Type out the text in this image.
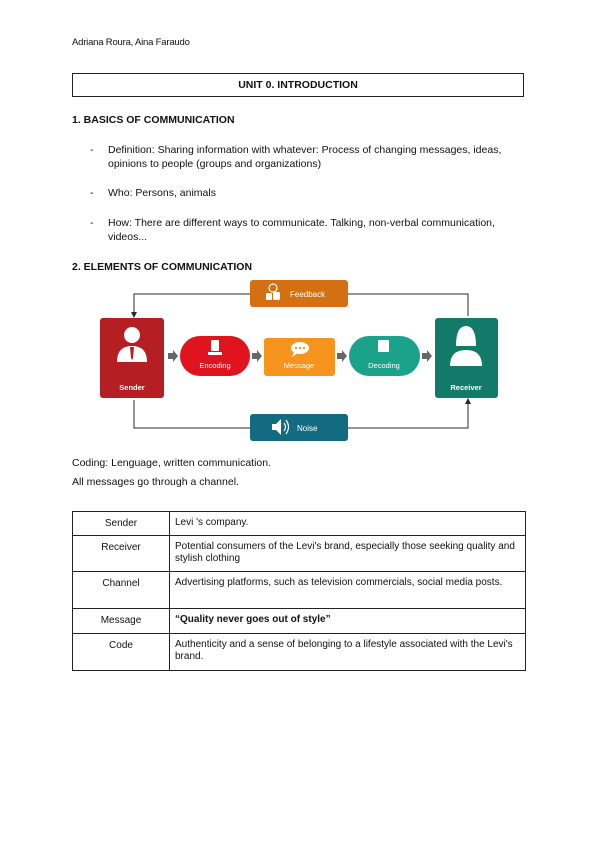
Adriana Roura, Aina Faraudo
UNIT 0. INTRODUCTION
1. BASICS OF COMMUNICATION
-	Definition: Sharing information with whatever: Process of changing messages, ideas, opinions to people (groups and organizations)
-	Who: Persons, animals
-	How: There are different ways to communicate. Talking, non-verbal communication, videos...
2. ELEMENTS OF COMMUNICATION
Feedback
Sender
Encoding	Message	Decoding
Receiver
Noise
Coding: Lenguage, written communication.
All messages go through a channel.
Sender	Levi 's company.
Receiver	Potential consumers of the Levi's brand, especially those seeking quality and stylish clothing
Channel	Advertising platforms, such as television commercials, social media posts.
Message	“Quality never goes out of style”
Code	Authenticity and a sense of belonging to a lifestyle associated with the Levi's brand.
